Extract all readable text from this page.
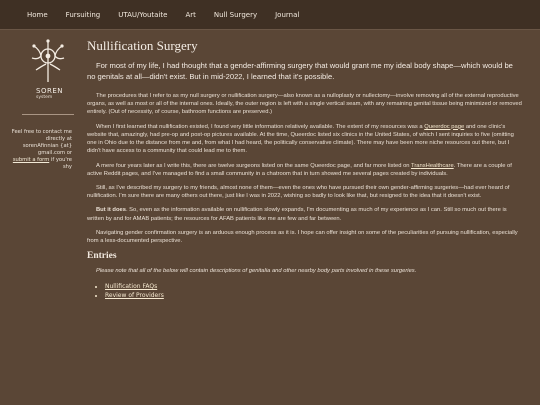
Home	Fursuiting	UTAU/Youtaite	Art	Null Surgery	Journal
SOREN
system
Feel free to contact me directly at
sorenAfinnian {at} gmail.com or
submit a form if you're shy
Nullification Surgery
For most of my life, I had thought that a gender-affirming surgery that would grant me my ideal body shape—which would be no genitals at all—didn't exist. But in mid-2022, I learned that it's possible.

The procedures that I refer to as my null surgery or nullification surgery—also known as a nulloplasty or nullectomy—involve removing all of the external reproductive organs, as well as most or all of the internal ones. Ideally, the outer region is left with a single vertical seam, with any remaining genital tissue being minimized or removed entirely. (Out of necessity, of course, bathroom functions are preserved.)

When I first learned that nullification existed, I found very little information relatively available. The extent of my resources was a Queerdoc page and one clinic's website that, amazingly, had pre-op and post-op pictures available. At the time, Queerdoc listed six clinics in the United States, of which I sent inquiries to five (omitting one in Ohio due to the distance from me and, from what I had heard, the politically conservative climate). There may have been more niche resources out there, but I didn't have access to a community that could lead me to them.

A mere four years later as I write this, there are twelve surgeons listed on the same Queerdoc page, and far more listed on TransHealthcare. There are a couple of active Reddit pages, and I've managed to find a small community in a chatroom that in turn showed me several pages created by individuals.

Still, as I've described my surgery to my friends, almost none of them—even the ones who have pursued their own gender-affirming surgeries—had ever heard of nullification. I'm sure there are many others out there, just like I was in 2022, wishing so badly to look like that, but resigned to the idea that it doesn't exist.

But it does. So, even as the information available on nullification slowly expands, I'm documenting as much of my experience as I can. Still so much out there is written by and for AMAB patients; the resources for AFAB patients like me are few and far between.

Navigating gender confirmation surgery is an arduous enough process as it is. I hope can offer insight on some of the peculiarities of pursuing nullification, especially from a less-documented perspective.

Entries
Please note that all of the below will contain descriptions of genitalia and other nearby body parts involved in these surgeries.
• Nullification FAQs
• Review of Providers
